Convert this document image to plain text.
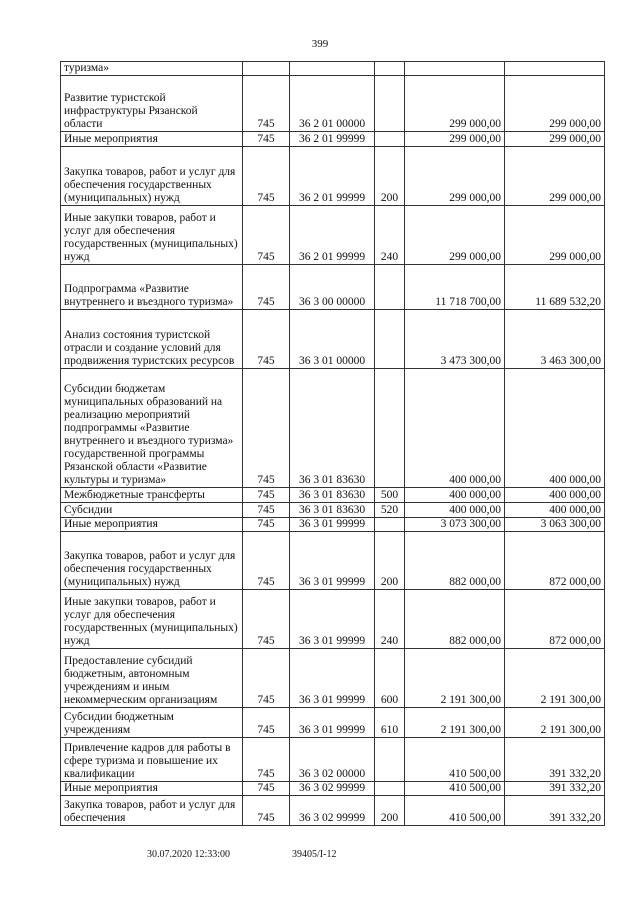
399
туризма»					
Развитие туристской инфраструктуры Рязанской области	745	36 2 01 00000		299 000,00	299 000,00
Иные мероприятия	745	36 2 01 99999		299 000,00	299 000,00
Закупка товаров, работ и услуг для обеспечения государственных (муниципальных) нужд	745	36 2 01 99999	200	299 000,00	299 000,00
Иные закупки товаров, работ и услуг для обеспечения государственных (муниципальных) нужд	745	36 2 01 99999	240	299 000,00	299 000,00
Подпрограмма «Развитие внутреннего и въездного туризма»	745	36 3 00 00000		11 718 700,00	11 689 532,20
Анализ состояния туристской отрасли и создание условий для продвижения туристских ресурсов	745	36 3 01 00000		3 473 300,00	3 463 300,00
Субсидии бюджетам муниципальных образований на реализацию мероприятий подпрограммы «Развитие внутреннего и въездного туризма» государственной программы Рязанской области «Развитие культуры и туризма»	745	36 3 01 83630		400 000,00	400 000,00
Межбюджетные трансферты	745	36 3 01 83630	500	400 000,00	400 000,00
Субсидии	745	36 3 01 83630	520	400 000,00	400 000,00
Иные мероприятия	745	36 3 01 99999		3 073 300,00	3 063 300,00
Закупка товаров, работ и услуг для обеспечения государственных (муниципальных) нужд	745	36 3 01 99999	200	882 000,00	872 000,00
Иные закупки товаров, работ и услуг для обеспечения государственных (муниципальных) нужд	745	36 3 01 99999	240	882 000,00	872 000,00
Предоставление субсидий бюджетным, автономным учреждениям и иным некоммерческим организациям	745	36 3 01 99999	600	2 191 300,00	2 191 300,00
Субсидии бюджетным учреждениям	745	36 3 01 99999	610	2 191 300,00	2 191 300,00
Привлечение кадров для работы в сфере туризма и повышение их квалификации	745	36 3 02 00000		410 500,00	391 332,20
Иные мероприятия	745	36 3 02 99999		410 500,00	391 332,20
Закупка товаров, работ и услуг для обеспечения	745	36 3 02 99999	200	410 500,00	391 332,20
30.07.2020 12:33:00	39405/I-12
